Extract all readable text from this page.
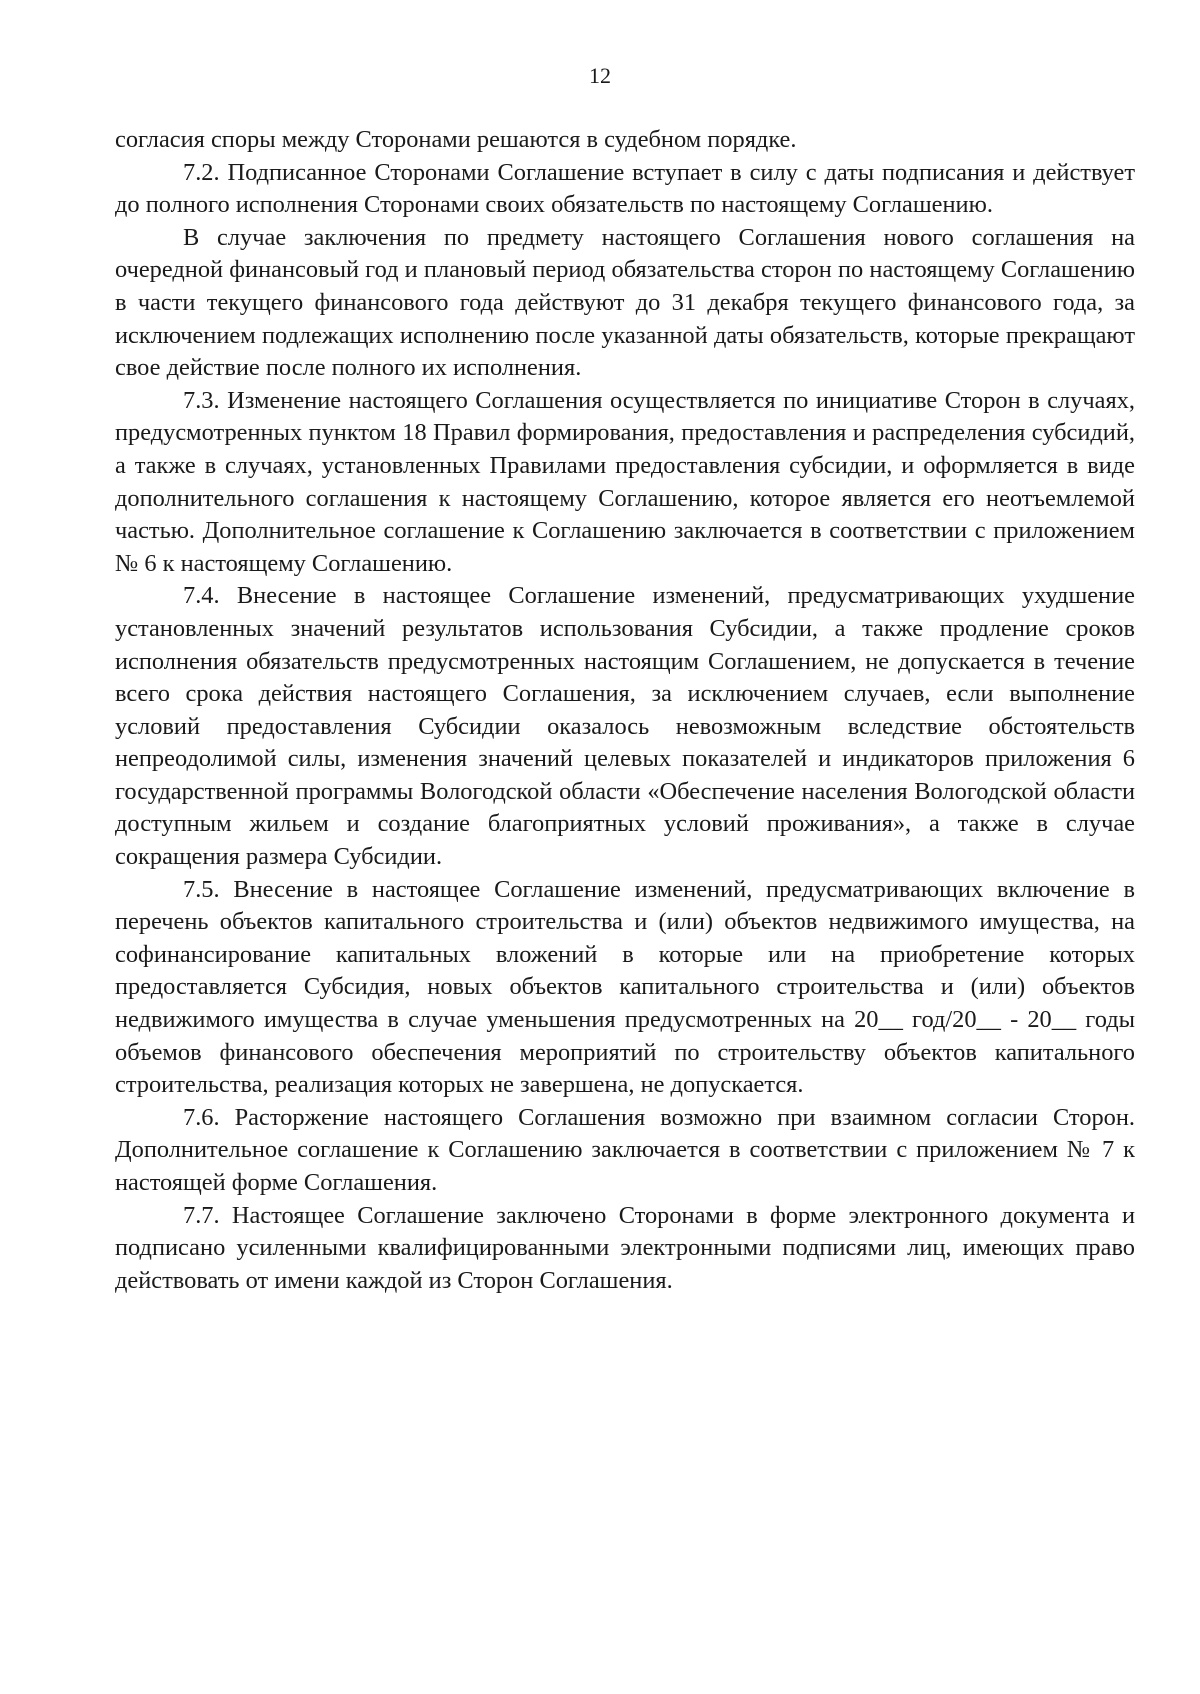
12

согласия споры между Сторонами решаются в судебном порядке.

7.2. Подписанное Сторонами Соглашение вступает в силу с даты подписания и действует до полного исполнения Сторонами своих обязательств по настоящему Соглашению.

В случае заключения по предмету настоящего Соглашения нового соглашения на очередной финансовый год и плановый период обязательства сторон по настоящему Соглашению в части текущего финансового года действуют до 31 декабря текущего финансового года, за исключением подлежащих исполнению после указанной даты обязательств, которые прекращают свое действие после полного их исполнения.

7.3. Изменение настоящего Соглашения осуществляется по инициативе Сторон в случаях, предусмотренных пунктом 18 Правил формирования, предоставления и распределения субсидий, а также в случаях, установленных Правилами предоставления субсидии, и оформляется в виде дополнительного соглашения к настоящему Соглашению, которое является его неотъемлемой частью. Дополнительное соглашение к Соглашению заключается в соответствии с приложением № 6 к настоящему Соглашению.

7.4. Внесение в настоящее Соглашение изменений, предусматривающих ухудшение установленных значений результатов использования Субсидии, а также продление сроков исполнения обязательств предусмотренных настоящим Соглашением, не допускается в течение всего срока действия настоящего Соглашения, за исключением случаев, если выполнение условий предоставления Субсидии оказалось невозможным вследствие обстоятельств непреодолимой силы, изменения значений целевых показателей и индикаторов приложения 6 государственной программы Вологодской области «Обеспечение населения Вологодской области доступным жильем и создание благоприятных условий проживания», а также в случае сокращения размера Субсидии.

7.5. Внесение в настоящее Соглашение изменений, предусматривающих включение в перечень объектов капитального строительства и (или) объектов недвижимого имущества, на софинансирование капитальных вложений в которые или на приобретение которых предоставляется Субсидия, новых объектов капитального строительства и (или) объектов недвижимого имущества в случае уменьшения предусмотренных на 20__ год/20__ - 20__ годы объемов финансового обеспечения мероприятий по строительству объектов капитального строительства, реализация которых не завершена, не допускается.

7.6. Расторжение настоящего Соглашения возможно при взаимном согласии Сторон. Дополнительное соглашение к Соглашению заключается в соответствии с приложением № 7 к настоящей форме Соглашения.

7.7. Настоящее Соглашение заключено Сторонами в форме электронного документа и подписано усиленными квалифицированными электронными подписями лиц, имеющих право действовать от имени каждой из Сторон Соглашения.
